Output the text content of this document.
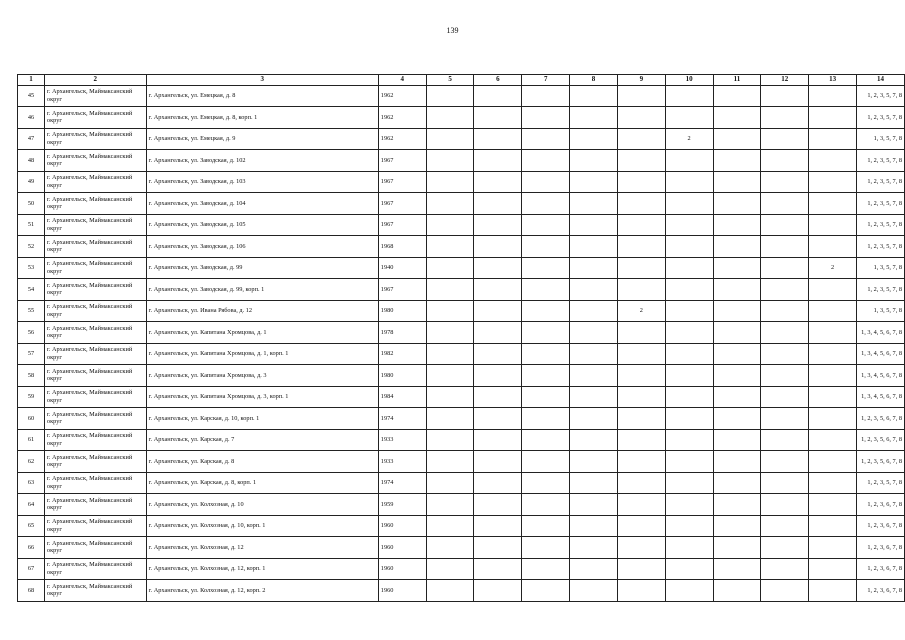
139
1	2	3	4	5	6	7	8	9	10	11	12	13	14
45	г. Архангельск, Маймаксанский округ	г. Архангельск, ул. Емецкая, д. 8	1962										1, 2, 3, 5, 7, 8
46	г. Архангельск, Маймаксанский округ	г. Архангельск, ул. Емецкая, д. 8, корп. 1	1962										1, 2, 3, 5, 7, 8
47	г. Архангельск, Маймаксанский округ	г. Архангельск, ул. Емецкая, д. 9	1962						2				1, 3, 5, 7, 8
48	г. Архангельск, Маймаксанский округ	г. Архангельск, ул. Заводская, д. 102	1967										1, 2, 3, 5, 7, 8
49	г. Архангельск, Маймаксанский округ	г. Архангельск, ул. Заводская, д. 103	1967										1, 2, 3, 5, 7, 8
50	г. Архангельск, Маймаксанский округ	г. Архангельск, ул. Заводская, д. 104	1967										1, 2, 3, 5, 7, 8
51	г. Архангельск, Маймаксанский округ	г. Архангельск, ул. Заводская, д. 105	1967										1, 2, 3, 5, 7, 8
52	г. Архангельск, Маймаксанский округ	г. Архангельск, ул. Заводская, д. 106	1968										1, 2, 3, 5, 7, 8
53	г. Архангельск, Маймаксанский округ	г. Архангельск, ул. Заводская, д. 99	1940									2	1, 3, 5, 7, 8
54	г. Архангельск, Маймаксанский округ	г. Архангельск, ул. Заводская, д. 99, корп. 1	1967										1, 2, 3, 5, 7, 8
55	г. Архангельск, Маймаксанский округ	г. Архангельск, ул. Ивана Рябова, д. 12	1980					2					1, 3, 5, 7, 8
56	г. Архангельск, Маймаксанский округ	г. Архангельск, ул. Капитана Хромцова, д. 1	1978										1, 3, 4, 5, 6, 7, 8
57	г. Архангельск, Маймаксанский округ	г. Архангельск, ул. Капитана Хромцова, д. 1, корп. 1	1982										1, 3, 4, 5, 6, 7, 8
58	г. Архангельск, Маймаксанский округ	г. Архангельск, ул. Капитана Хромцова, д. 3	1980										1, 3, 4, 5, 6, 7, 8
59	г. Архангельск, Маймаксанский округ	г. Архангельск, ул. Капитана Хромцова, д. 3, корп. 1	1984										1, 3, 4, 5, 6, 7, 8
60	г. Архангельск, Маймаксанский округ	г. Архангельск, ул. Карская, д. 10, корп. 1	1974										1, 2, 3, 5, 6, 7, 8
61	г. Архангельск, Маймаксанский округ	г. Архангельск, ул. Карская, д. 7	1933										1, 2, 3, 5, 6, 7, 8
62	г. Архангельск, Маймаксанский округ	г. Архангельск, ул. Карская, д. 8	1933										1, 2, 3, 5, 6, 7, 8
63	г. Архангельск, Маймаксанский округ	г. Архангельск, ул. Карская, д. 8, корп. 1	1974										1, 2, 3, 5, 7, 8
64	г. Архангельск, Маймаксанский округ	г. Архангельск, ул. Колхозная, д. 10	1959										1, 2, 3, 6, 7, 8
65	г. Архангельск, Маймаксанский округ	г. Архангельск, ул. Колхозная, д. 10, корп. 1	1960										1, 2, 3, 6, 7, 8
66	г. Архангельск, Маймаксанский округ	г. Архангельск, ул. Колхозная, д. 12	1960										1, 2, 3, 6, 7, 8
67	г. Архангельск, Маймаксанский округ	г. Архангельск, ул. Колхозная, д. 12, корп. 1	1960										1, 2, 3, 6, 7, 8
68	г. Архангельск, Маймаксанский округ	г. Архангельск, ул. Колхозная, д. 12, корп. 2	1960										1, 2, 3, 6, 7, 8
